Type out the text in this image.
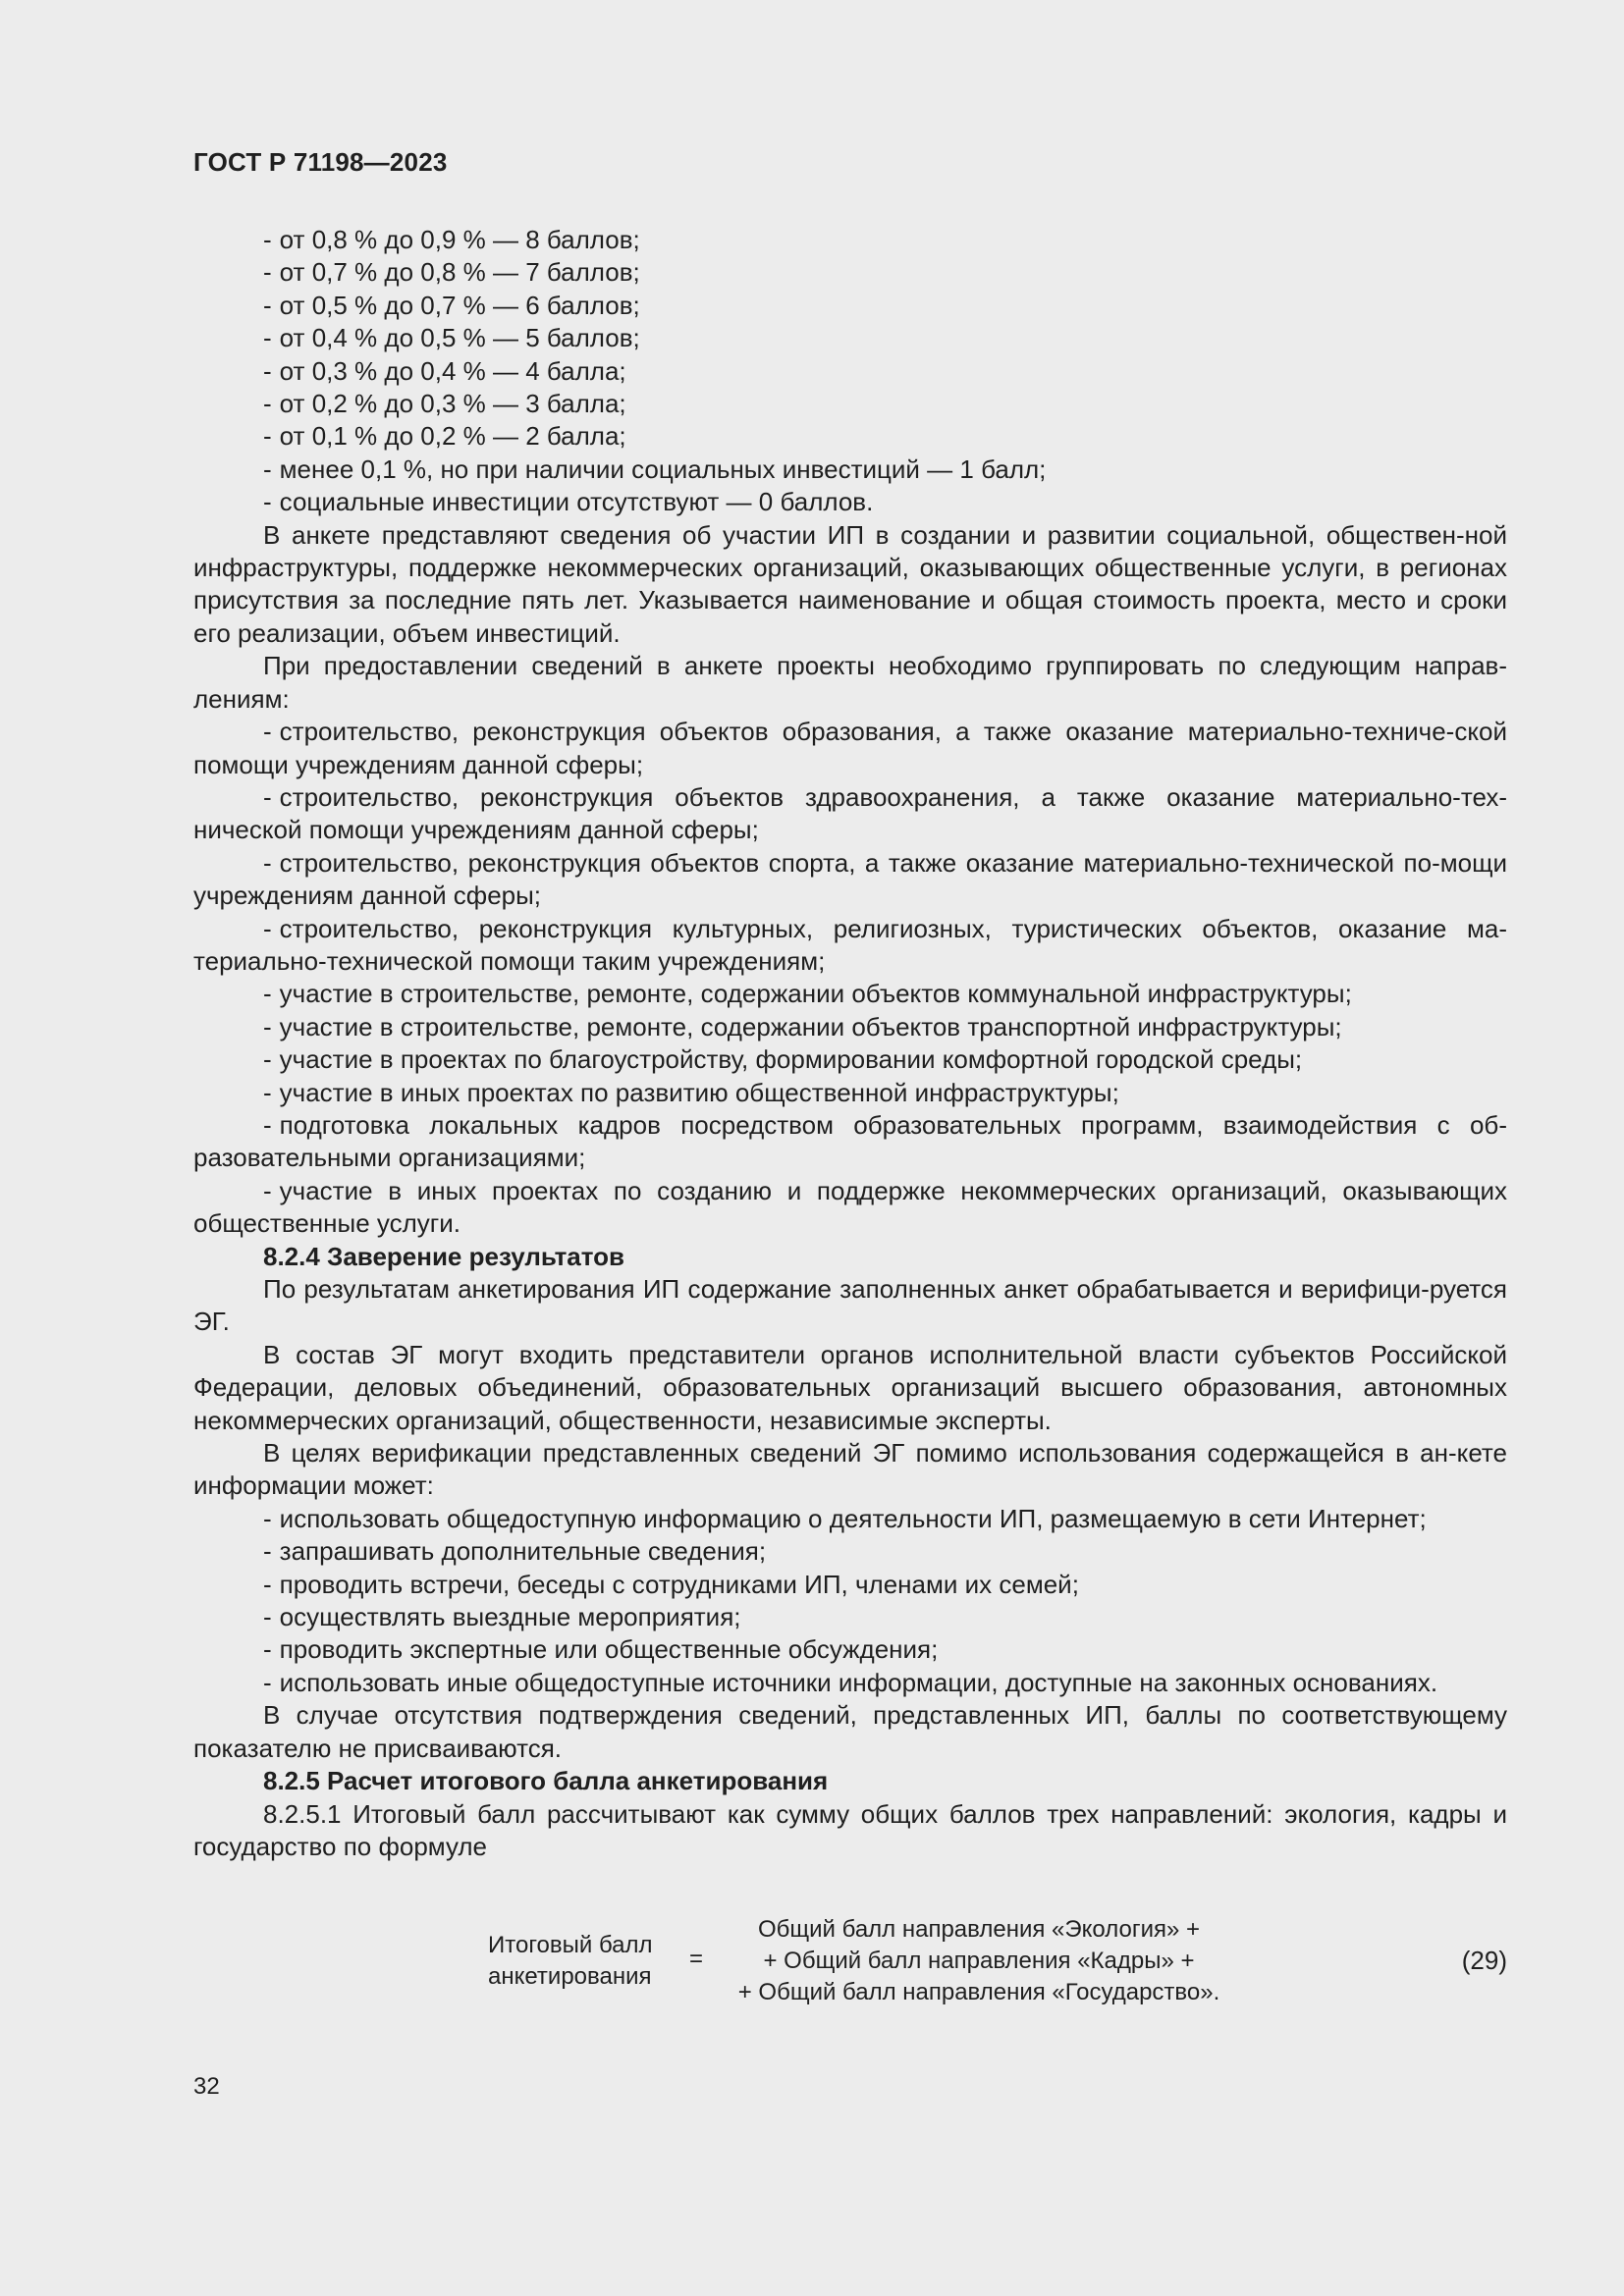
ГОСТ Р 71198—2023

- от 0,8 % до 0,9 % — 8 баллов;

- от 0,7 % до 0,8 % — 7 баллов;

- от 0,5 % до 0,7 % — 6 баллов;

- от 0,4 % до 0,5 % — 5 баллов;

- от 0,3 % до 0,4 % — 4 балла;

- от 0,2 % до 0,3 % — 3 балла;

- от 0,1 % до 0,2 % — 2 балла;

- менее 0,1 %, но при наличии социальных инвестиций — 1 балл;

- социальные инвестиции отсутствуют — 0 баллов.

В анкете представляют сведения об участии ИП в создании и развитии социальной, обществен-ной инфраструктуры, поддержке некоммерческих организаций, оказывающих общественные услуги, в регионах присутствия за последние пять лет. Указывается наименование и общая стоимость проекта, место и сроки его реализации, объем инвестиций.

При предоставлении сведений в анкете проекты необходимо группировать по следующим направ-лениям:

- строительство, реконструкция объектов образования, а также оказание материально-техниче-ской помощи учреждениям данной сферы;

- строительство, реконструкция объектов здравоохранения, а также оказание материально-тех-нической помощи учреждениям данной сферы;

- строительство, реконструкция объектов спорта, а также оказание материально-технической по-мощи учреждениям данной сферы;

- строительство, реконструкция культурных, религиозных, туристических объектов, оказание ма-териально-технической помощи таким учреждениям;

- участие в строительстве, ремонте, содержании объектов коммунальной инфраструктуры;

- участие в строительстве, ремонте, содержании объектов транспортной инфраструктуры;

- участие в проектах по благоустройству, формировании комфортной городской среды;

- участие в иных проектах по развитию общественной инфраструктуры;

- подготовка локальных кадров посредством образовательных программ, взаимодействия с об-разовательными организациями;

- участие в иных проектах по созданию и поддержке некоммерческих организаций, оказывающих общественные услуги.

8.2.4 Заверение результатов

По результатам анкетирования ИП содержание заполненных анкет обрабатывается и верифици-руется ЭГ.

В состав ЭГ могут входить представители органов исполнительной власти субъектов Российской Федерации, деловых объединений, образовательных организаций высшего образования, автономных некоммерческих организаций, общественности, независимые эксперты.

В целях верификации представленных сведений ЭГ помимо использования содержащейся в ан-кете информации может:

- использовать общедоступную информацию о деятельности ИП, размещаемую в сети Интернет;

- запрашивать дополнительные сведения;

- проводить встречи, беседы с сотрудниками ИП, членами их семей;

- осуществлять выездные мероприятия;

- проводить экспертные или общественные обсуждения;

- использовать иные общедоступные источники информации, доступные на законных основаниях.

В случае отсутствия подтверждения сведений, представленных ИП, баллы по соответствующему показателю не присваиваются.

8.2.5 Расчет итогового балла анкетирования

8.2.5.1 Итоговый балл рассчитывают как сумму общих баллов трех направлений: экология, кадры и государство по формуле

Итоговый балл
анкетирования
=
Общий балл направления «Экология» +
+ Общий балл направления «Кадры» +
+ Общий балл направления «Государство».
(29)
32
